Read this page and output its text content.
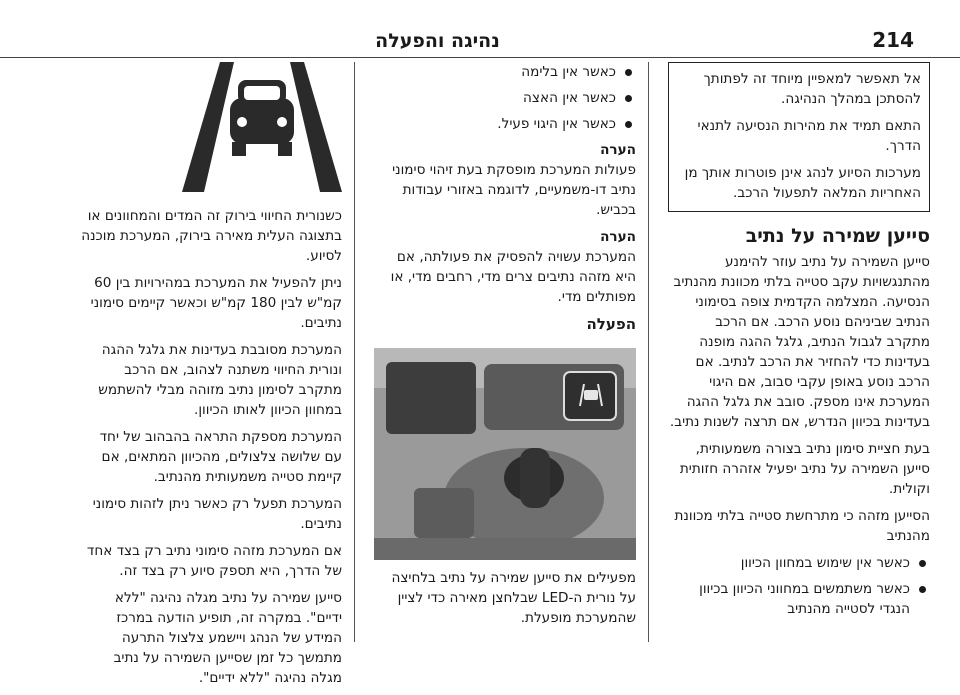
214
נהיגה והפעלה

אל תאפשר למאפיין מיוחד זה לפתותך להסתכן במהלך הנהיגה.

התאם תמיד את מהירות הנסיעה לתנאי הדרך.

מערכות הסיוע לנהג אינן פוטרות אותך מן האחריות המלאה לתפעול הרכב.

סייען שמירה על נתיב

סייען השמירה על נתיב עוזר להימנע מהתנגשויות עקב סטייה בלתי מכוונת מהנתיב הנסיעה. המצלמה הקדמית צופה בסימוני הנתיב שביניהם נוסע הרכב. אם הרכב מתקרב לגבול הנתיב, גלגל ההגה מופנה בעדינות כדי להחזיר את הרכב לנתיב. אם הרכב נוסע באופן עקבי סבוב, אם היגוי המערכת אינו מספק. סובב את גלגל ההגה בעדינות בכיוון הנדרש, אם תרצה לשנות נתיב.

בעת חציית סימון נתיב בצורה משמעותית, סייען השמירה על נתיב יפעיל אזהרה חזותית וקולית.

הסייען מזהה כי מתרחשת סטייה בלתי מכוונת מהנתיב

כאשר אין שימוש במחוון הכיוון
כאשר משתמשים במחווני הכיוון בכיוון הנגדי לסטייה מהנתיב
כאשר אין בלימה
כאשר אין האצה
כאשר אין היגוי פעיל.
הערה

פעולות המערכת מופסקת בעת זיהוי סימוני נתיב דו-משמעיים, לדוגמה באזורי עבודות בכביש.

הערה

המערכת עשויה להפסיק את פעולתה, אם היא מזהה נתיבים צרים מדי, רחבים מדי, או מפותלים מדי.

הפעלה

מפעילים את סייען שמירה על נתיב בלחיצה על נורית ה-LED שבלחצן מאירה כדי לציין שהמערכת מופעלת.

כשנורית החיווי בירוק זה המדים והמחוונים או בתצוגה העלית מאירה בירוק, המערכת מוכנה לסיוע.

ניתן להפעיל את המערכת במהירויות בין 60 קמ"ש לבין 180 קמ"ש וכאשר קיימים סימוני נתיבים.

המערכת מסובבת בעדינות את גלגל ההגה ונורית החיווי משתנה לצהוב, אם הרכב מתקרב לסימון נתיב מזוהה מבלי להשתמש במחוון הכיוון לאותו הכיוון.

המערכת מספקת התראה בהבהוב של יחד עם שלושה צלצולים, מהכיוון המתאים, אם קיימת סטייה משמעותית מהנתיב.

המערכת תפעל רק כאשר ניתן לזהות סימוני נתיבים.

אם המערכת מזהה סימוני נתיב רק בצד אחד של הדרך, היא תספק סיוע רק בצד זה.

סייען שמירה על נתיב מגלה נהיגה "ללא ידיים". במקרה זה, תופיע הודעה במרכז המידע של הנהג ויישמע צלצול התרעה מתמשך כל זמן שסייען השמירה על נתיב מגלה נהיגה "ללא ידיים".
